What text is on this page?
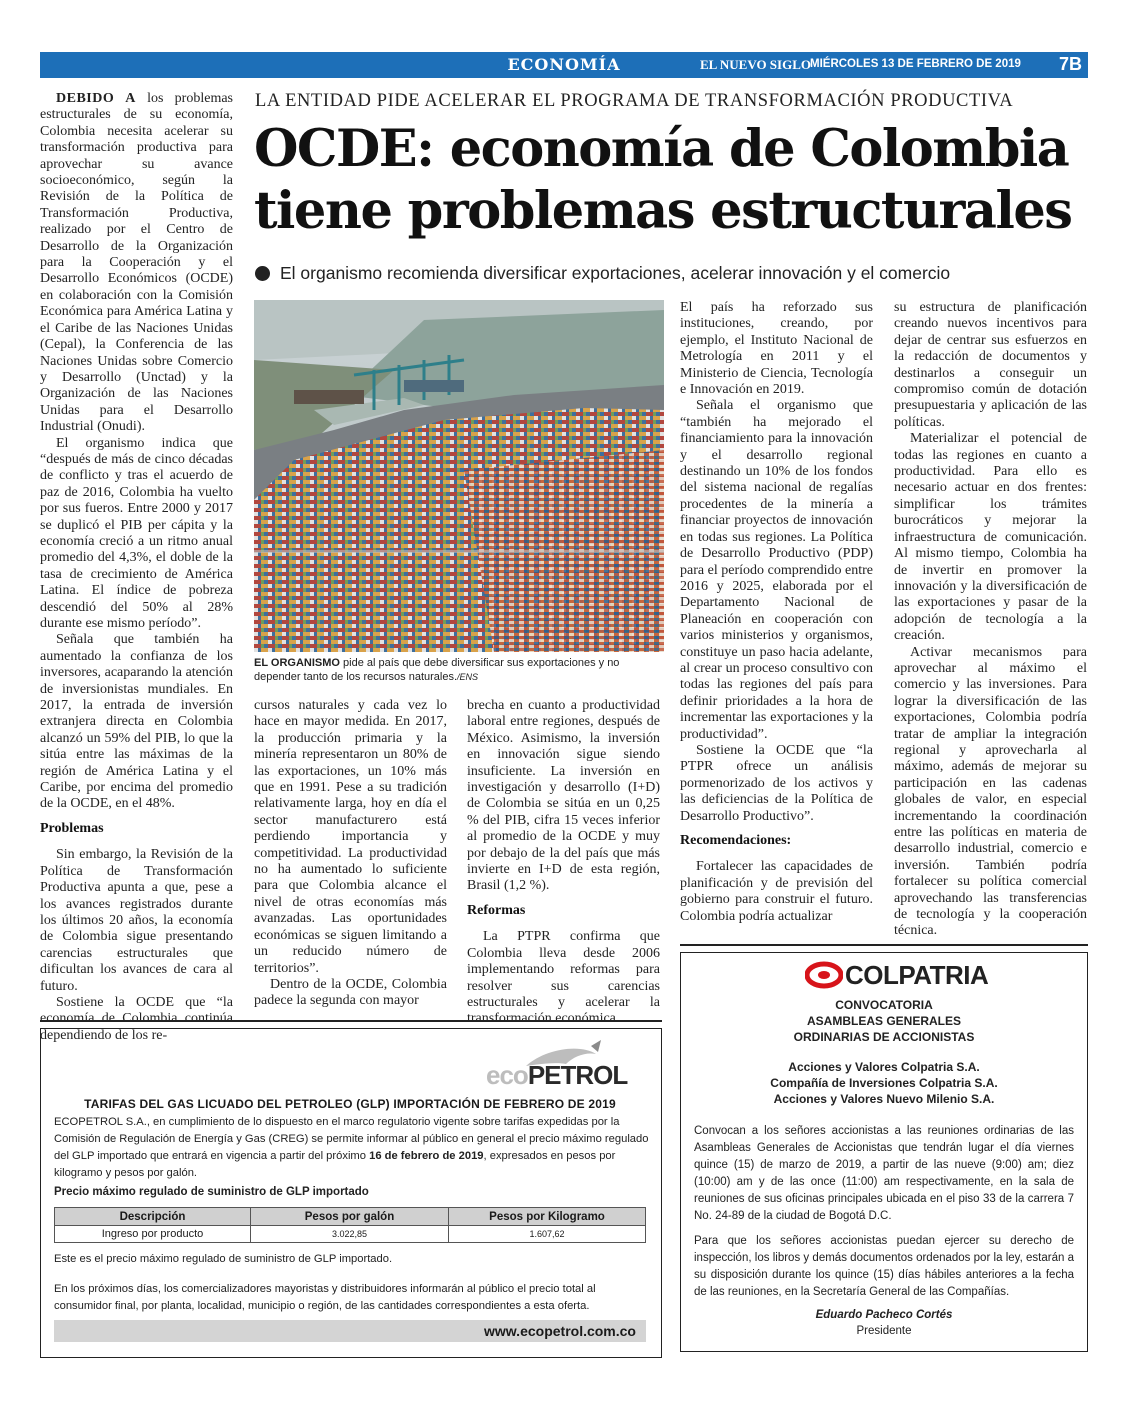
ECONOMÍA	EL NUEVO SIGLO MIÉRCOLES 13 DE FEBRERO DE 2019 7B

DEBIDO A los problemas estructurales de su economía, Colombia necesita acelerar su transformación productiva para aprovechar su avance socioeconómico, según la Revisión de la Política de Transformación Productiva, realizado por el Centro de Desarrollo de la Organización para la Cooperación y el Desarrollo Económicos (OCDE) en colaboración con la Comisión Económica para América Latina y el Caribe de las Naciones Unidas (Cepal), la Conferencia de las Naciones Unidas sobre Comercio y Desarrollo (Unctad) y la Organización de las Naciones Unidas para el Desarrollo Industrial (Onudi).

El organismo indica que “después de más de cinco décadas de conflicto y tras el acuerdo de paz de 2016, Colombia ha vuelto por sus fueros. Entre 2000 y 2017 se duplicó el PIB per cápita y la economía creció a un ritmo anual promedio del 4,3%, el doble de la tasa de crecimiento de América Latina. El índice de pobreza descendió del 50% al 28% durante ese mismo período”.

Señala que también ha aumentado la confianza de los inversores, acaparando la atención de inversionistas mundiales. En 2017, la entrada de inversión extranjera directa en Colombia alcanzó un 59% del PIB, lo que la sitúa entre las máximas de la región de América Latina y el Caribe, por encima del promedio de la OCDE, en el 48%.

Problemas

Sin embargo, la Revisión de la Política de Transformación Productiva apunta a que, pese a los avances registrados durante los últimos 20 años, la economía de Colombia sigue presentando carencias estructurales que dificultan los avances de cara al futuro.

Sostiene la OCDE que “la economía de Colombia continúa dependiendo de los re-

LA ENTIDAD PIDE ACELERAR EL PROGRAMA DE TRANSFORMACIÓN PRODUCTIVA
OCDE: economía de Colombia
tiene problemas estructurales
El organismo recomienda diversificar exportaciones, acelerar innovación y el comercio
EL ORGANISMO pide al país que debe diversificar sus exportaciones y no depender tanto de los recursos naturales./ENS

cursos naturales y cada vez lo hace en mayor medida. En 2017, la producción primaria y la minería representaron un 80% de las exportaciones, un 10% más que en 1991. Pese a su tradición relativamente larga, hoy en día el sector manufacturero está perdiendo importancia y competitividad. La productividad no ha aumentado lo suficiente para que Colombia alcance el nivel de otras economías más avanzadas. Las oportunidades económicas se siguen limitando a un reducido número de territorios”.

Dentro de la OCDE, Colombia padece la segunda con mayor

brecha en cuanto a productividad laboral entre regiones, después de México. Asimismo, la inversión en innovación sigue siendo insuficiente. La inversión en investigación y desarrollo (I+D) de Colombia se sitúa en un 0,25 % del PIB, cifra 15 veces inferior al promedio de la OCDE y muy por debajo de la del país que más invierte en I+D de esta región, Brasil (1,2 %).

Reformas

La PTPR confirma que Colombia lleva desde 2006 implementando reformas para resolver sus carencias estructurales y acelerar la transformación económica.

El país ha reforzado sus instituciones, creando, por ejemplo, el Instituto Nacional de Metrología en 2011 y el Ministerio de Ciencia, Tecnología e Innovación en 2019.

Señala el organismo que “también ha mejorado el financiamiento para la innovación y el desarrollo regional destinando un 10% de los fondos del sistema nacional de regalías procedentes de la minería a financiar proyectos de innovación en todas sus regiones. La Política de Desarrollo Productivo (PDP) para el período comprendido entre 2016 y 2025, elaborada por el Departamento Nacional de Planeación en cooperación con varios ministerios y organismos, constituye un paso hacia adelante, al crear un proceso consultivo con todas las regiones del país para definir prioridades a la hora de incrementar las exportaciones y la productividad”.

Sostiene la OCDE que “la PTPR ofrece un análisis pormenorizado de los activos y las deficiencias de la Política de Desarrollo Productivo”.

Recomendaciones:

Fortalecer las capacidades de planificación y de previsión del gobierno para construir el futuro. Colombia podría actualizar

su estructura de planificación creando nuevos incentivos para dejar de centrar sus esfuerzos en la redacción de documentos y destinarlos a conseguir un compromiso común de dotación presupuestaria y aplicación de las políticas.

Materializar el potencial de todas las regiones en cuanto a productividad. Para ello es necesario actuar en dos frentes: simplificar los trámites burocráticos y mejorar la infraestructura de comunicación. Al mismo tiempo, Colombia ha de invertir en promover la innovación y la diversificación de las exportaciones y pasar de la adopción de tecnología a la creación.

Activar mecanismos para aprovechar al máximo el comercio y las inversiones. Para lograr la diversificación de las exportaciones, Colombia podría tratar de ampliar la integración regional y aprovecharla al máximo, además de mejorar su participación en las cadenas globales de valor, en especial incrementando la coordinación entre las políticas en materia de desarrollo industrial, comercio e inversión. También podría fortalecer su política comercial aprovechando las transferencias de tecnología y la cooperación técnica.

ecoPETROL
TARIFAS DEL GAS LICUADO DEL PETROLEO (GLP) IMPORTACIÓN DE FEBRERO DE 2019
ECOPETROL S.A., en cumplimiento de lo dispuesto en el marco regulatorio vigente sobre tarifas expedidas por la Comisión de Regulación de Energía y Gas (CREG) se permite informar al público en general el precio máximo regulado del GLP importado que entrará en vigencia a partir del próximo 16 de febrero de 2019, expresados en pesos por kilogramo y pesos por galón.
Precio máximo regulado de suministro de GLP importado
Descripción	Pesos por galón	Pesos por Kilogramo
Ingreso por producto	3.022,85	1.607,62
Este es el precio máximo regulado de suministro de GLP importado.
En los próximos días, los comercializadores mayoristas y distribuidores informarán al público el precio total al consumidor final, por planta, localidad, municipio o región, de las cantidades correspondientes a esta oferta.
www.ecopetrol.com.co
COLPATRIA
CONVOCATORIA
ASAMBLEAS GENERALES
ORDINARIAS DE ACCIONISTAS
Acciones y Valores Colpatria S.A.
Compañía de Inversiones Colpatria S.A.
Acciones y Valores Nuevo Milenio S.A.
Convocan a los señores accionistas a las reuniones ordinarias de las Asambleas Generales de Accionistas que tendrán lugar el día viernes quince (15) de marzo de 2019, a partir de las nueve (9:00) am; diez (10:00) am y de las once (11:00) am respectivamente, en la sala de reuniones de sus oficinas principales ubicada en el piso 33 de la carrera 7 No. 24-89 de la ciudad de Bogotá D.C.
Para que los señores accionistas puedan ejercer su derecho de inspección, los libros y demás documentos ordenados por la ley, estarán a su disposición durante los quince (15) días hábiles anteriores a la fecha de las reuniones, en la Secretaría General de las Compañías.
Eduardo Pacheco Cortés
Presidente
